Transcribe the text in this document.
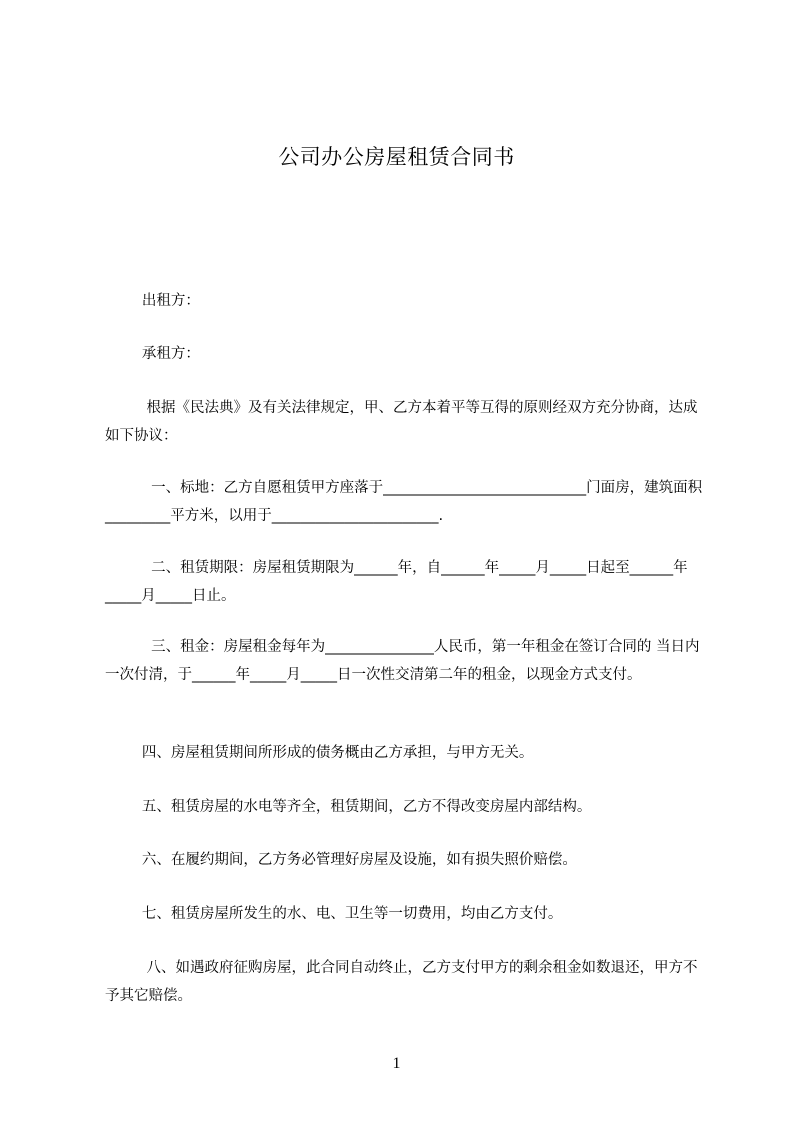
公司办公房屋租赁合同书
出租方：
承租方：
根据《民法典》及有关法律规定，甲、乙方本着平等互得的原则经双方充分协商，达成如下协议：
一、标地：乙方自愿租赁甲方座落于____________________________门面房，建筑面积_________平方米，以用于_______________________.
二、租赁期限：房屋租赁期限为______年，自______年_____月_____日起至______年_____月_____日止。
三、租金：房屋租金每年为_______________人民币，第一年租金在签订合同的 当日内一次付清，于______年_____月_____日一次性交清第二年的租金，以现金方式支付。
四、房屋租赁期间所形成的债务概由乙方承担，与甲方无关。
五、租赁房屋的水电等齐全，租赁期间，乙方不得改变房屋内部结构。
六、在履约期间，乙方务必管理好房屋及设施，如有损失照价赔偿。
七、租赁房屋所发生的水、电、卫生等一切费用，均由乙方支付。
八、如遇政府征购房屋，此合同自动终止，乙方支付甲方的剩余租金如数退还，甲方不予其它赔偿。
1
